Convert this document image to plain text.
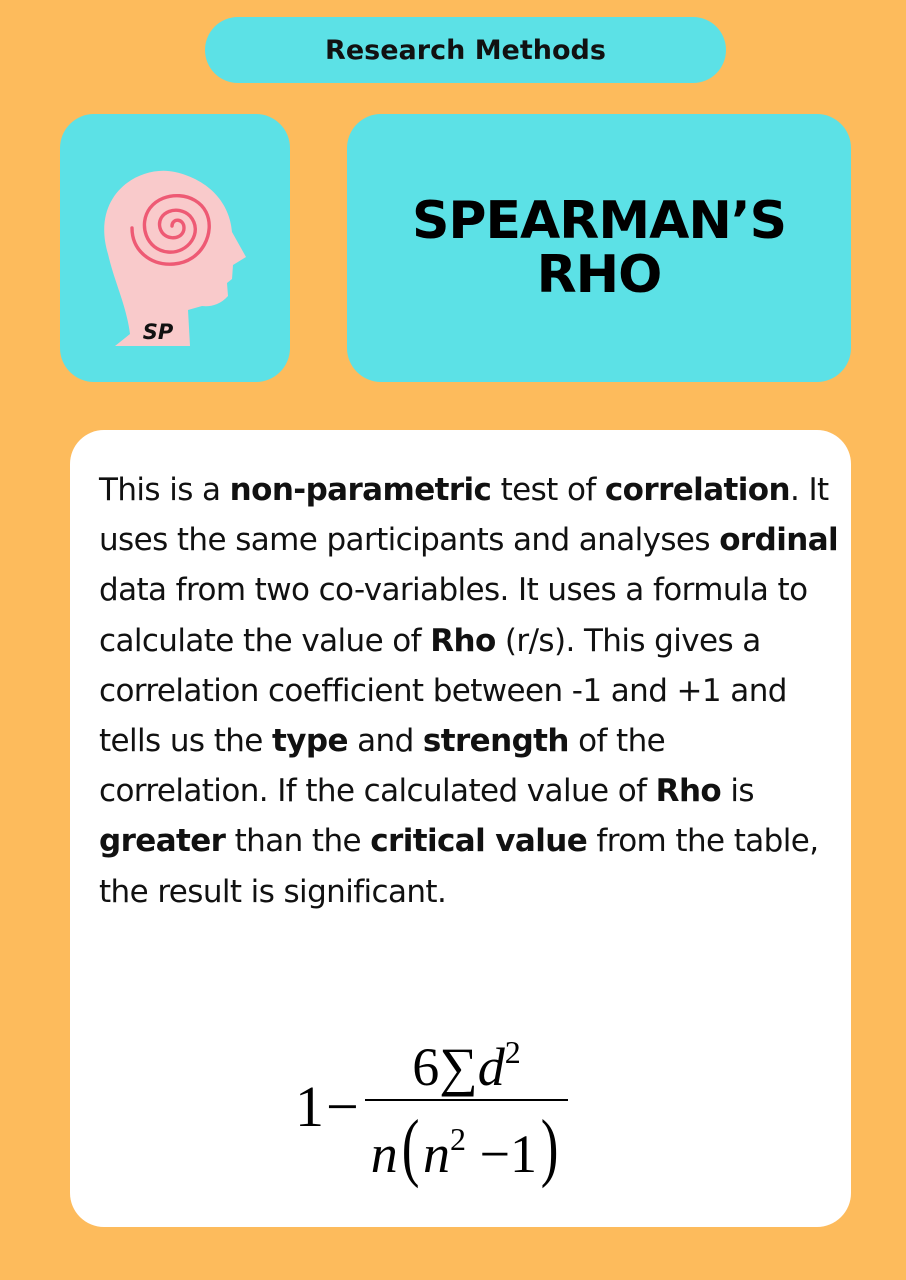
Research Methods
SP
SPEARMAN’S
RHO
This is a non-parametric test of correlation. It uses the same participants and analyses ordinal data from two co-variables. It uses a formula to calculate the value of Rho (r/s). This gives a correlation coefficient between -1 and +1 and tells us the type and strength of the correlation. If the calculated value of Rho is greater than the critical value from the table, the result is significant.
$1 - \frac{6\sum d^2}{n(n^2 -1)}$
